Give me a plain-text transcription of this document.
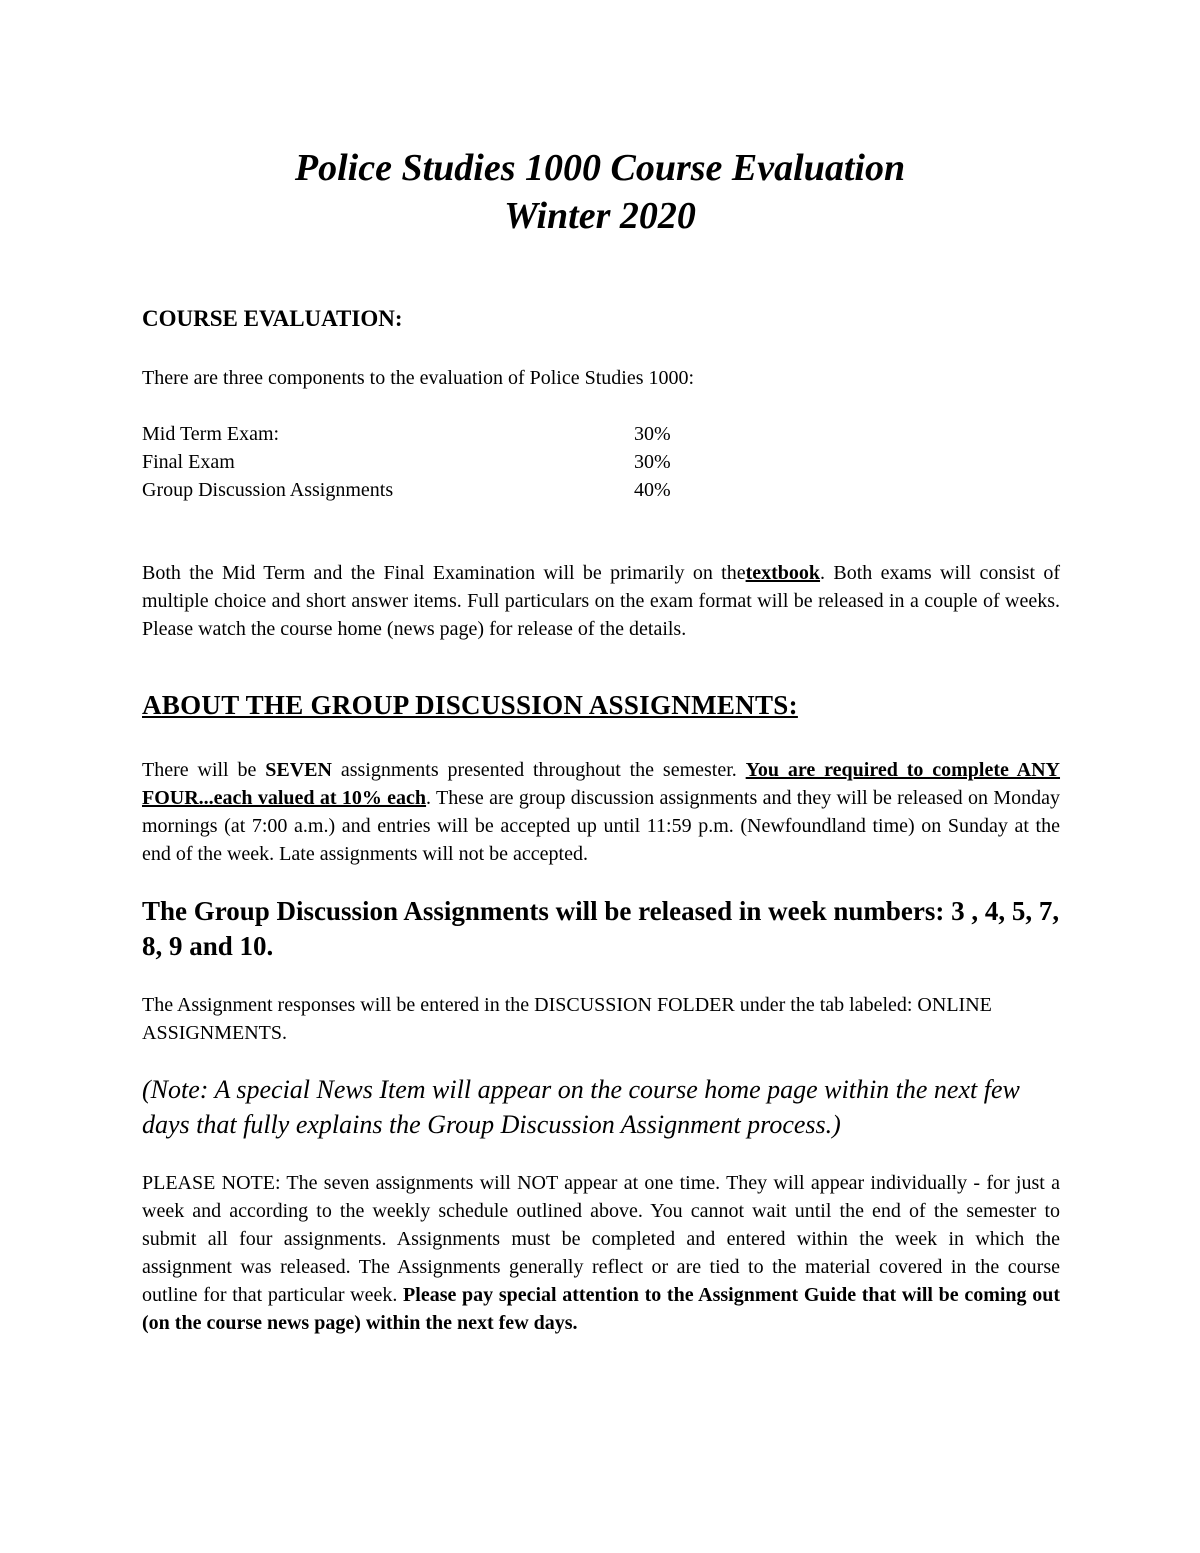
Police Studies 1000 Course Evaluation
Winter 2020
COURSE EVALUATION:
There are three components to the evaluation of Police Studies 1000:
Mid Term Exam:	30%
Final Exam	30%
Group Discussion Assignments	40%
Both the Mid Term and the Final Examination will be primarily on thetextbook. Both exams will consist of multiple choice and short answer items. Full particulars on the exam format will be released in a couple of weeks. Please watch the course home (news page) for release of the details.
ABOUT THE GROUP DISCUSSION ASSIGNMENTS:
There will be SEVEN assignments presented throughout the semester. You are required to complete ANY FOUR...each valued at 10% each. These are group discussion assignments and they will be released on Monday mornings (at 7:00 a.m.) and entries will be accepted up until 11:59 p.m. (Newfoundland time) on Sunday at the end of the week. Late assignments will not be accepted.
The Group Discussion Assignments will be released in week numbers: 3 , 4, 5, 7, 8, 9 and 10.
The Assignment responses will be entered in the DISCUSSION FOLDER under the tab labeled: ONLINE ASSIGNMENTS.
(Note: A special News Item will appear on the course home page within the next few days that fully explains the Group Discussion Assignment process.)
PLEASE NOTE: The seven assignments will NOT appear at one time. They will appear individually - for just a week and according to the weekly schedule outlined above. You cannot wait until the end of the semester to submit all four assignments. Assignments must be completed and entered within the week in which the assignment was released. The Assignments generally reflect or are tied to the material covered in the course outline for that particular week. Please pay special attention to the Assignment Guide that will be coming out (on the course news page) within the next few days.
